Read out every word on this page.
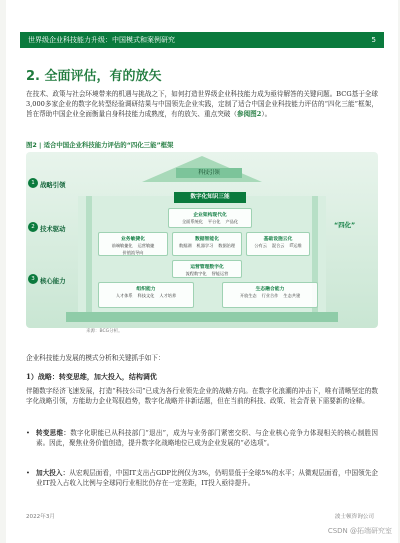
世界级企业科技能力升级：中国模式和案例研究	5
2. 全面评估，有的放矢

在技术、政策与社会环境带来的机遇与挑战之下，如何打造世界级企业科技能力成为亟待解答的关键问题。BCG基于全球3,000多家企业的数字化转型经验调研结果与中国领先企业实践，定制了适合中国企业科技能力评估的“四化三能”框架，旨在帮助中国企业全面衡量自身科技能力成熟度，有的放矢、重点突破（参阅图2）。

图2 | 适合中国企业科技能力评估的“四化三能”框架
科技引领
数字化知识三能
1 战略引领
2 技术驱动
3 核心能力
“四化”
企业架构现代化
全面系统化	平台化	产品化
业务敏捷化
前端敏捷化	运营敏捷
价值流导向
数据智能化
数据湖	机器学习	数据治理
基础设施云化
公有云	混合云	IT运维
运营管理数字化
流程数字化	智能运营
组织能力
人才体系	科技文化	人才培养
生态融合能力
开放生态	行业合作	生态共建
来源：BCG分析。

企业科技能力发展的模式分析和关键抓手如下：

1）战略：转变思维，加大投入，结构调优

伴随数字经济飞速发展，打造“科技公司”已成为各行业领先企业的战略方向。在数字化浪潮的冲击下，唯有清晰坚定的数字化战略引领，方能助力企业驾驭趋势，数字化战略并非新话题，但在当前的科技、政策、社会背景下需要新的诠释。

• 转变思维：数字化职能已从科技部门“退出”，成为与业务部门紧密交织、与企业核心竞争力体现相关的核心制胜因素。因此，聚焦业务价值创造，提升数字化战略地位已成为企业发展的“必选项”。

• 加大投入：从宏观层面看，中国IT支出占GDP比例仅为3%，仍明显低于全球5%的水平；从微观层面看，中国领先企业IT投入占收入比例与全球同行业相比仍存在一定差距，IT投入亟待提升。

2022年3月	波士顿咨询公司
CSDN @拓端研究室
